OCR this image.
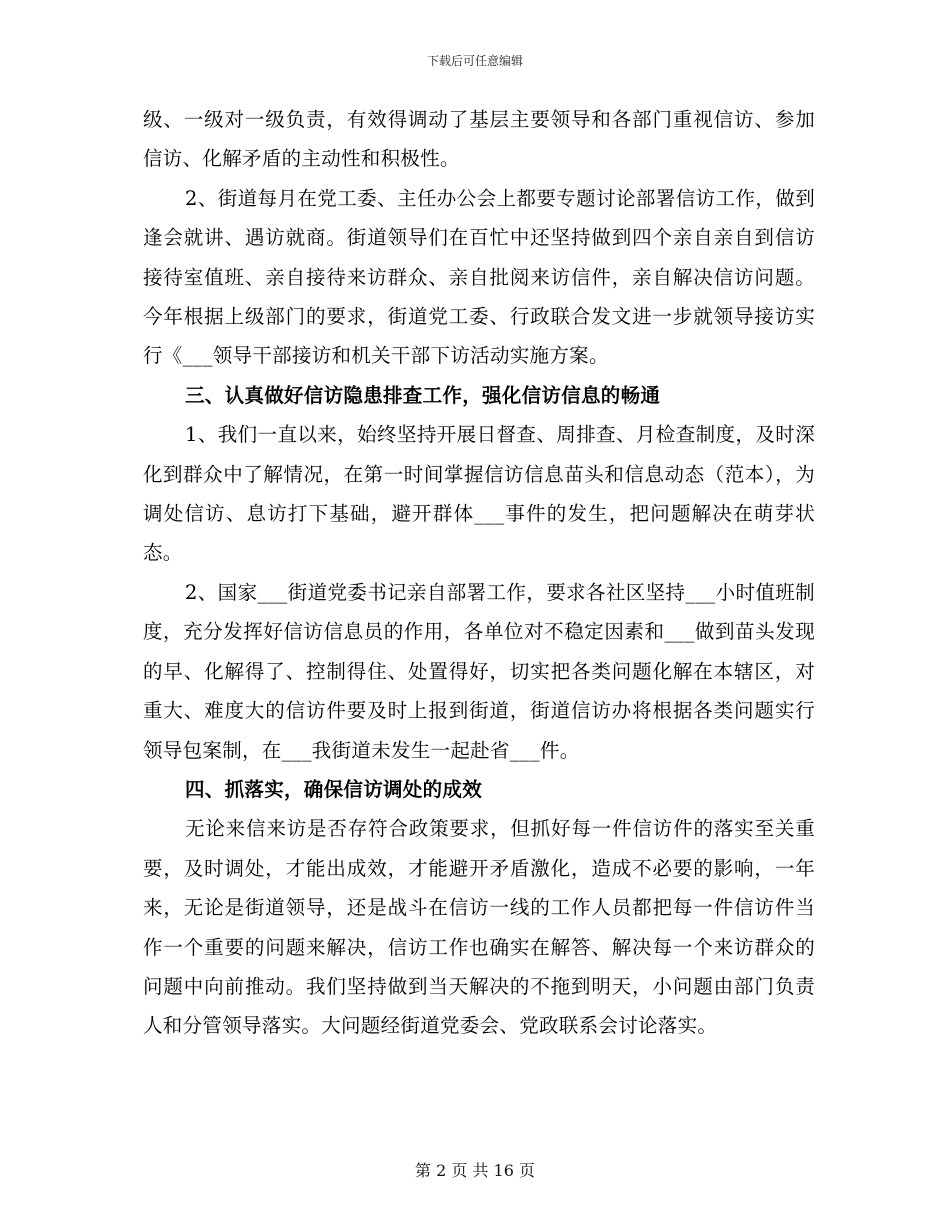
下载后可任意编辑

级、一级对一级负责，有效得调动了基层主要领导和各部门重视信访、参加信访、化解矛盾的主动性和积极性。

2、街道每月在党工委、主任办公会上都要专题讨论部署信访工作，做到逢会就讲、遇访就商。街道领导们在百忙中还坚持做到四个亲自亲自到信访接待室值班、亲自接待来访群众、亲自批阅来访信件，亲自解决信访问题。今年根据上级部门的要求，街道党工委、行政联合发文进一步就领导接访实行《___领导干部接访和机关干部下访活动实施方案。

三、认真做好信访隐患排查工作，强化信访信息的畅通

1、我们一直以来，始终坚持开展日督查、周排查、月检查制度，及时深化到群众中了解情况，在第一时间掌握信访信息苗头和信息动态（范本），为调处信访、息访打下基础，避开群体___事件的发生，把问题解决在萌芽状态。

2、国家___街道党委书记亲自部署工作，要求各社区坚持___小时值班制度，充分发挥好信访信息员的作用，各单位对不稳定因素和___做到苗头发现的早、化解得了、控制得住、处置得好，切实把各类问题化解在本辖区，对重大、难度大的信访件要及时上报到街道，街道信访办将根据各类问题实行领导包案制，在___我街道未发生一起赴省___件。

四、抓落实，确保信访调处的成效

无论来信来访是否存符合政策要求，但抓好每一件信访件的落实至关重要，及时调处，才能出成效，才能避开矛盾激化，造成不必要的影响，一年来，无论是街道领导，还是战斗在信访一线的工作人员都把每一件信访件当作一个重要的问题来解决，信访工作也确实在解答、解决每一个来访群众的问题中向前推动。我们坚持做到当天解决的不拖到明天，小问题由部门负责人和分管领导落实。大问题经街道党委会、党政联系会讨论落实。

第 2 页 共 16 页
